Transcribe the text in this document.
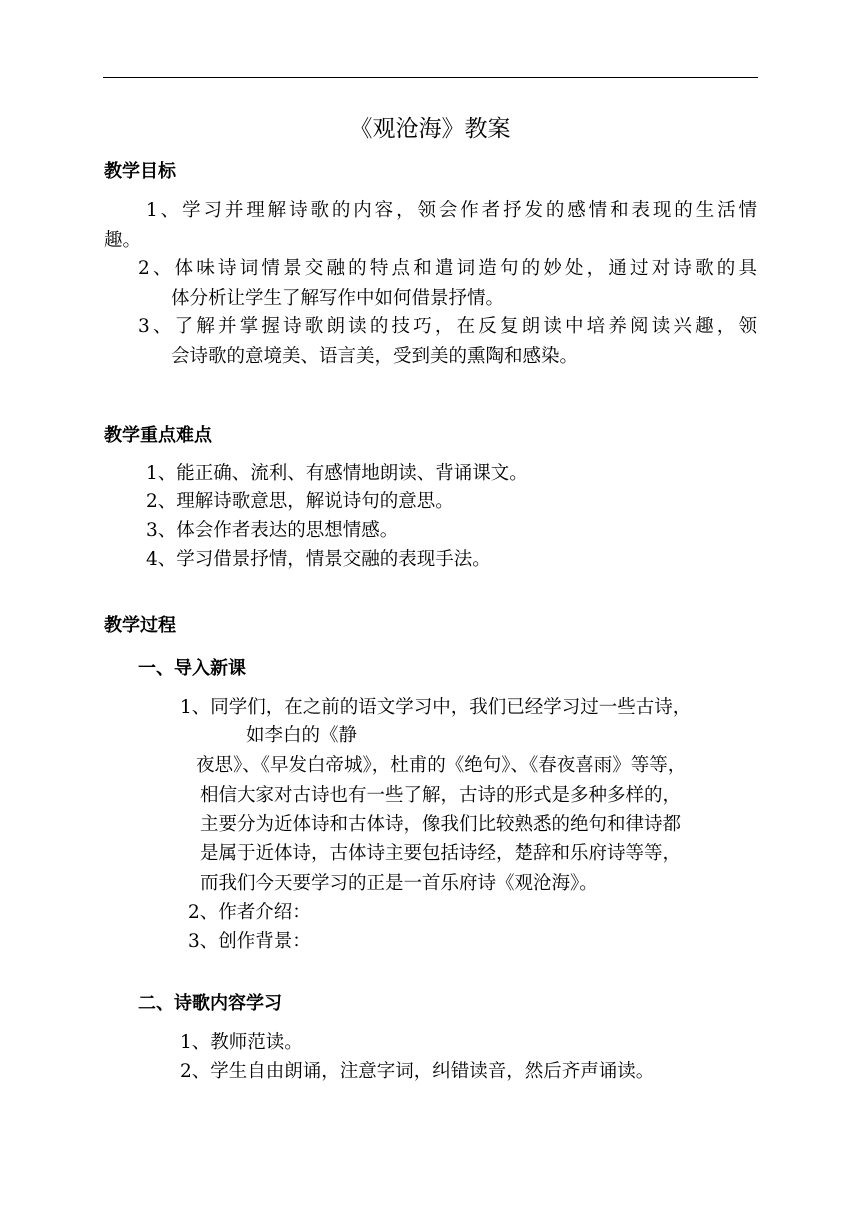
《观沧海》教案
教学目标
1、学习并理解诗歌的内容，领会作者抒发的感情和表现的生活情
趣。
2、体味诗词情景交融的特点和遣词造句的妙处，通过对诗歌的具
体分析让学生了解写作中如何借景抒情。
3、了解并掌握诗歌朗读的技巧，在反复朗读中培养阅读兴趣，领
会诗歌的意境美、语言美，受到美的熏陶和感染。
教学重点难点
1、能正确、流利、有感情地朗读、背诵课文。
2、理解诗歌意思，解说诗句的意思。
3、体会作者表达的思想情感。
4、学习借景抒情，情景交融的表现手法。
教学过程
一、导入新课
1、同学们，在之前的语文学习中，我们已经学习过一些古诗，
如李白的《静
夜思》、《早发白帝城》，杜甫的《绝句》、《春夜喜雨》等等，
相信大家对古诗也有一些了解，古诗的形式是多种多样的，
主要分为近体诗和古体诗，像我们比较熟悉的绝句和律诗都
是属于近体诗，古体诗主要包括诗经，楚辞和乐府诗等等，
而我们今天要学习的正是一首乐府诗《观沧海》。
2、作者介绍：
3、创作背景：
二、诗歌内容学习
1、教师范读。
2、学生自由朗诵，注意字词，纠错读音，然后齐声诵读。
